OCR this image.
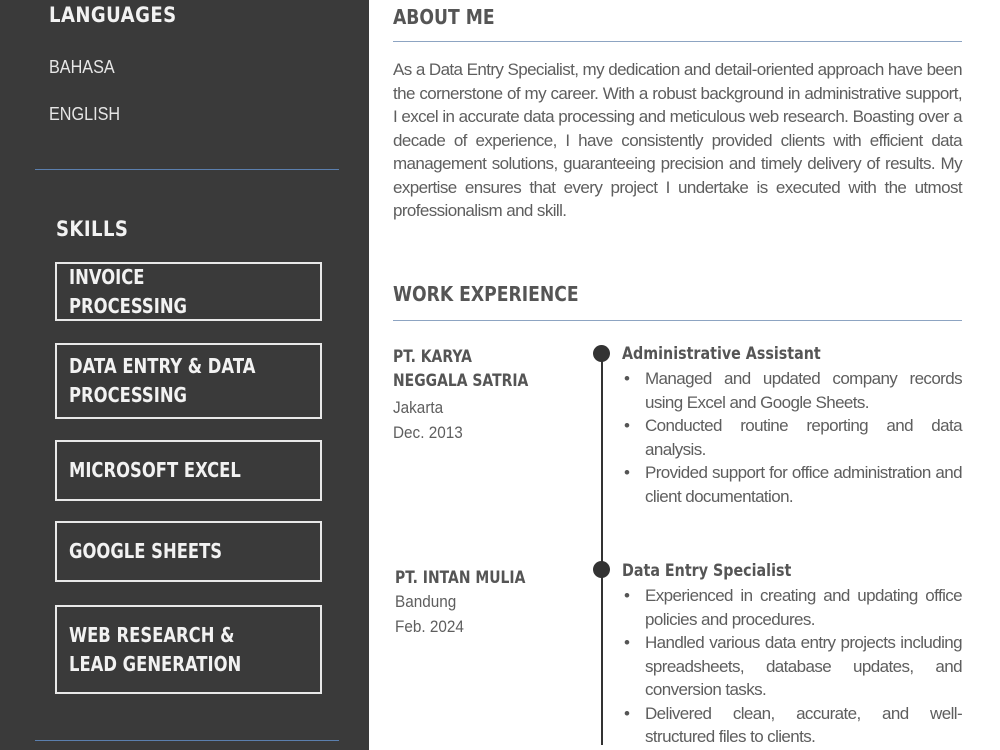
LANGUAGES
BAHASA
ENGLISH
SKILLS
INVOICE PROCESSING
DATA ENTRY & DATA PROCESSING
MICROSOFT EXCEL
GOOGLE SHEETS
WEB RESEARCH & LEAD GENERATION
ABOUT ME

As a Data Entry Specialist, my dedication and detail-oriented approach have been the cornerstone of my career. With a robust background in administrative support, I excel in accurate data processing and meticulous web research. Boasting over a decade of experience, I have consistently provided clients with efficient data management solutions, guaranteeing precision and timely delivery of results. My expertise ensures that every project I undertake is executed with the utmost professionalism and skill.

WORK EXPERIENCE
PT. KARYA NEGGALA SATRIA
Jakarta
Dec. 2013
Administrative Assistant
• Managed and updated company records using Excel and Google Sheets.
• Conducted routine reporting and data analysis.
• Provided support for office administration and client documentation.
PT. INTAN MULIA
Bandung
Feb. 2024
Data Entry Specialist
• Experienced in creating and updating office policies and procedures.
• Handled various data entry projects including spreadsheets, database updates, and conversion tasks.
• Delivered clean, accurate, and well-structured files to clients.
